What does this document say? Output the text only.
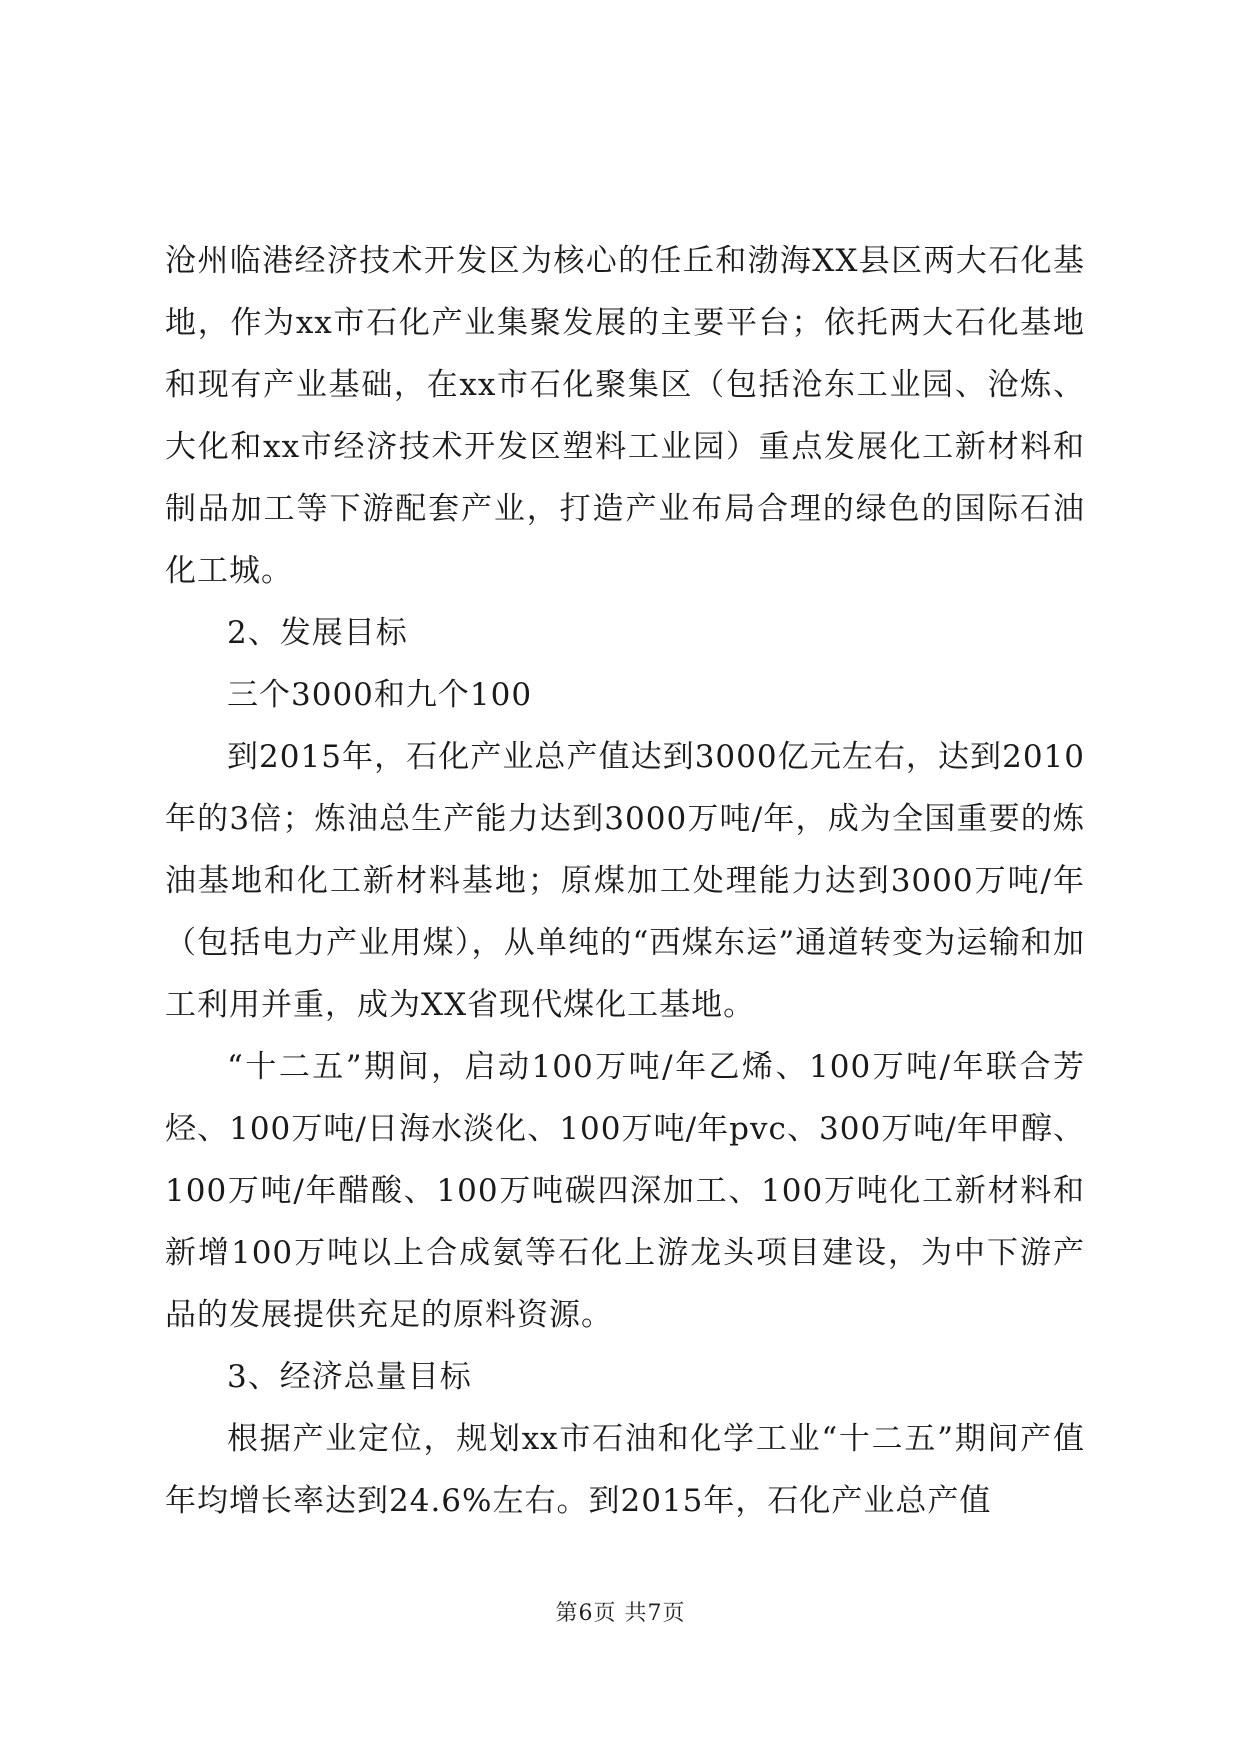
沧州临港经济技术开发区为核心的任丘和渤海XX县区两大石化基地，作为xx市石化产业集聚发展的主要平台；依托两大石化基地和现有产业基础，在xx市石化聚集区（包括沧东工业园、沧炼、大化和xx市经济技术开发区塑料工业园）重点发展化工新材料和制品加工等下游配套产业，打造产业布局合理的绿色的国际石油化工城。

2、发展目标

三个3000和九个100

到2015年，石化产业总产值达到3000亿元左右，达到2010年的3倍；炼油总生产能力达到3000万吨/年，成为全国重要的炼油基地和化工新材料基地；原煤加工处理能力达到3000万吨/年（包括电力产业用煤），从单纯的“西煤东运”通道转变为运输和加工利用并重，成为XX省现代煤化工基地。

“十二五”期间，启动100万吨/年乙烯、100万吨/年联合芳烃、100万吨/日海水淡化、100万吨/年pvc、300万吨/年甲醇、100万吨/年醋酸、100万吨碳四深加工、100万吨化工新材料和新增100万吨以上合成氨等石化上游龙头项目建设，为中下游产品的发展提供充足的原料资源。

3、经济总量目标

根据产业定位，规划xx市石油和化学工业“十二五”期间产值年均增长率达到24.6%左右。到2015年，石化产业总产值

第6页 共7页
